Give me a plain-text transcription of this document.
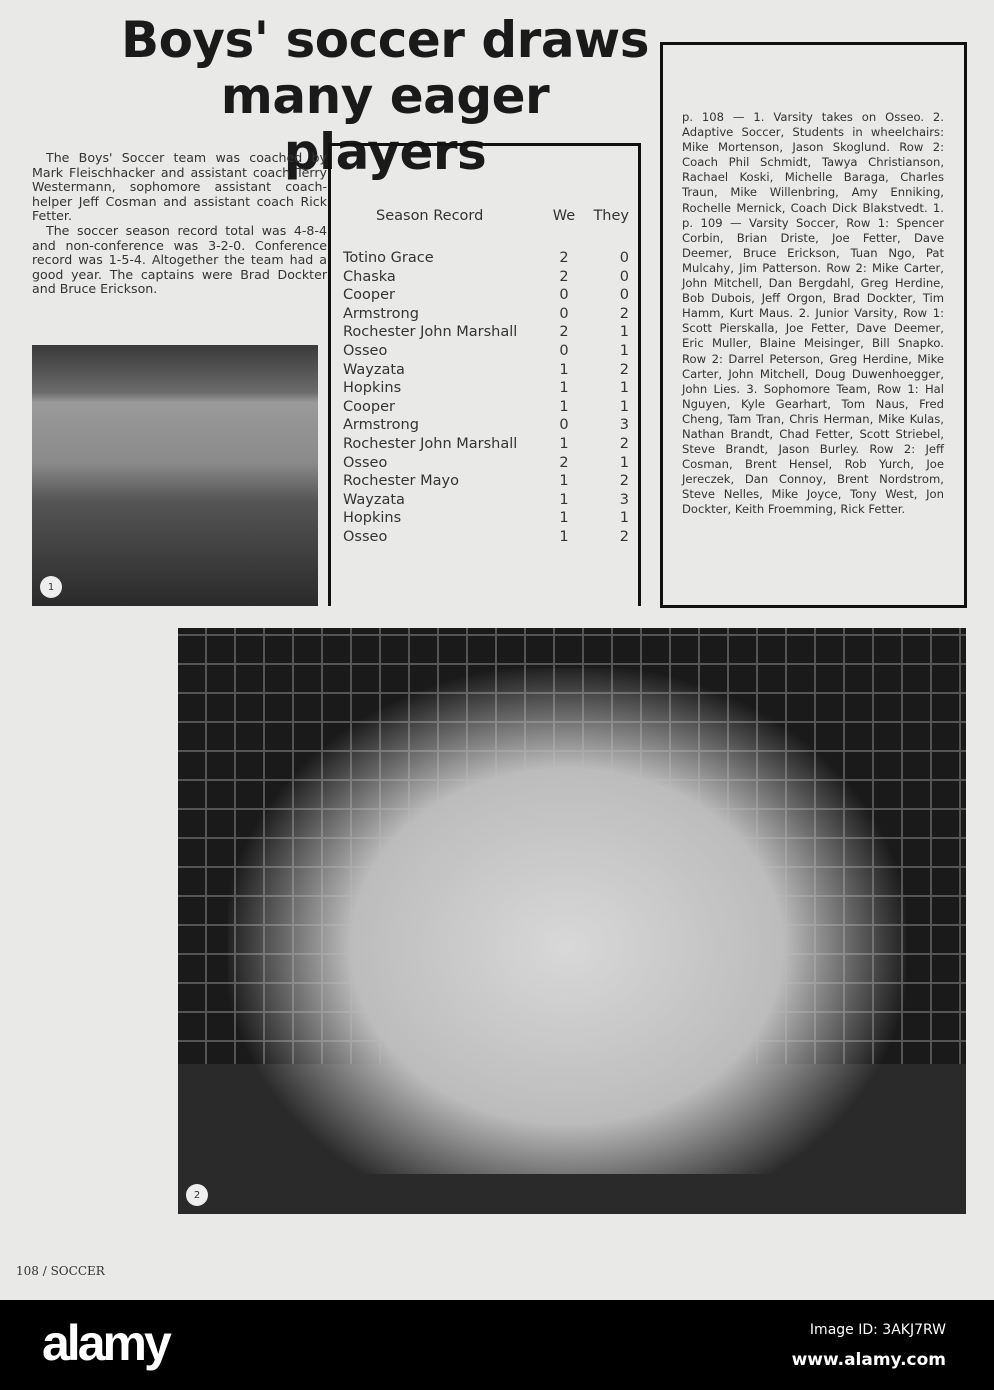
Boys' soccer draws
many eager players

The Boys' Soccer team was coached by Mark Fleischhacker and assistant coach Terry Westermann, sophomore assistant coach-helper Jeff Cosman and assistant coach Rick Fetter.

The soccer season record total was 4-8-4 and non-conference was 3-2-0. Conference record was 1-5-4. Altogether the team had a good year. The captains were Brad Dockter and Bruce Erickson.

1
Season Record	We	They
Totino Grace	2	0
Chaska	2	0
Cooper	0	0
Armstrong	0	2
Rochester John Marshall	2	1
Osseo	0	1
Wayzata	1	2
Hopkins	1	1
Cooper	1	1
Armstrong	0	3
Rochester John Marshall	1	2
Osseo	2	1
Rochester Mayo	1	2
Wayzata	1	3
Hopkins	1	1
Osseo	1	2

p. 108 — 1. Varsity takes on Osseo. 2. Adaptive Soccer, Students in wheelchairs: Mike Mortenson, Jason Skoglund. Row 2: Coach Phil Schmidt, Tawya Christianson, Rachael Koski, Michelle Baraga, Charles Traun, Mike Willenbring, Amy Enniking, Rochelle Mernick, Coach Dick Blakstvedt. 1. p. 109 — Varsity Soccer, Row 1: Spencer Corbin, Brian Driste, Joe Fetter, Dave Deemer, Bruce Erickson, Tuan Ngo, Pat Mulcahy, Jim Patterson. Row 2: Mike Carter, John Mitchell, Dan Bergdahl, Greg Herdine, Bob Dubois, Jeff Orgon, Brad Dockter, Tim Hamm, Kurt Maus. 2. Junior Varsity, Row 1: Scott Pierskalla, Joe Fetter, Dave Deemer, Eric Muller, Blaine Meisinger, Bill Snapko. Row 2: Darrel Peterson, Greg Herdine, Mike Carter, John Mitchell, Doug Duwenhoegger, John Lies. 3. Sophomore Team, Row 1: Hal Nguyen, Kyle Gearhart, Tom Naus, Fred Cheng, Tam Tran, Chris Herman, Mike Kulas, Nathan Brandt, Chad Fetter, Scott Striebel, Steve Brandt, Jason Burley. Row 2: Jeff Cosman, Brent Hensel, Rob Yurch, Joe Jereczek, Dan Connoy, Brent Nordstrom, Steve Nelles, Mike Joyce, Tony West, Jon Dockter, Keith Froemming, Rick Fetter.

2
108 / SOCCER
alamy	Image ID: 3AKJ7RW
www.alamy.com
